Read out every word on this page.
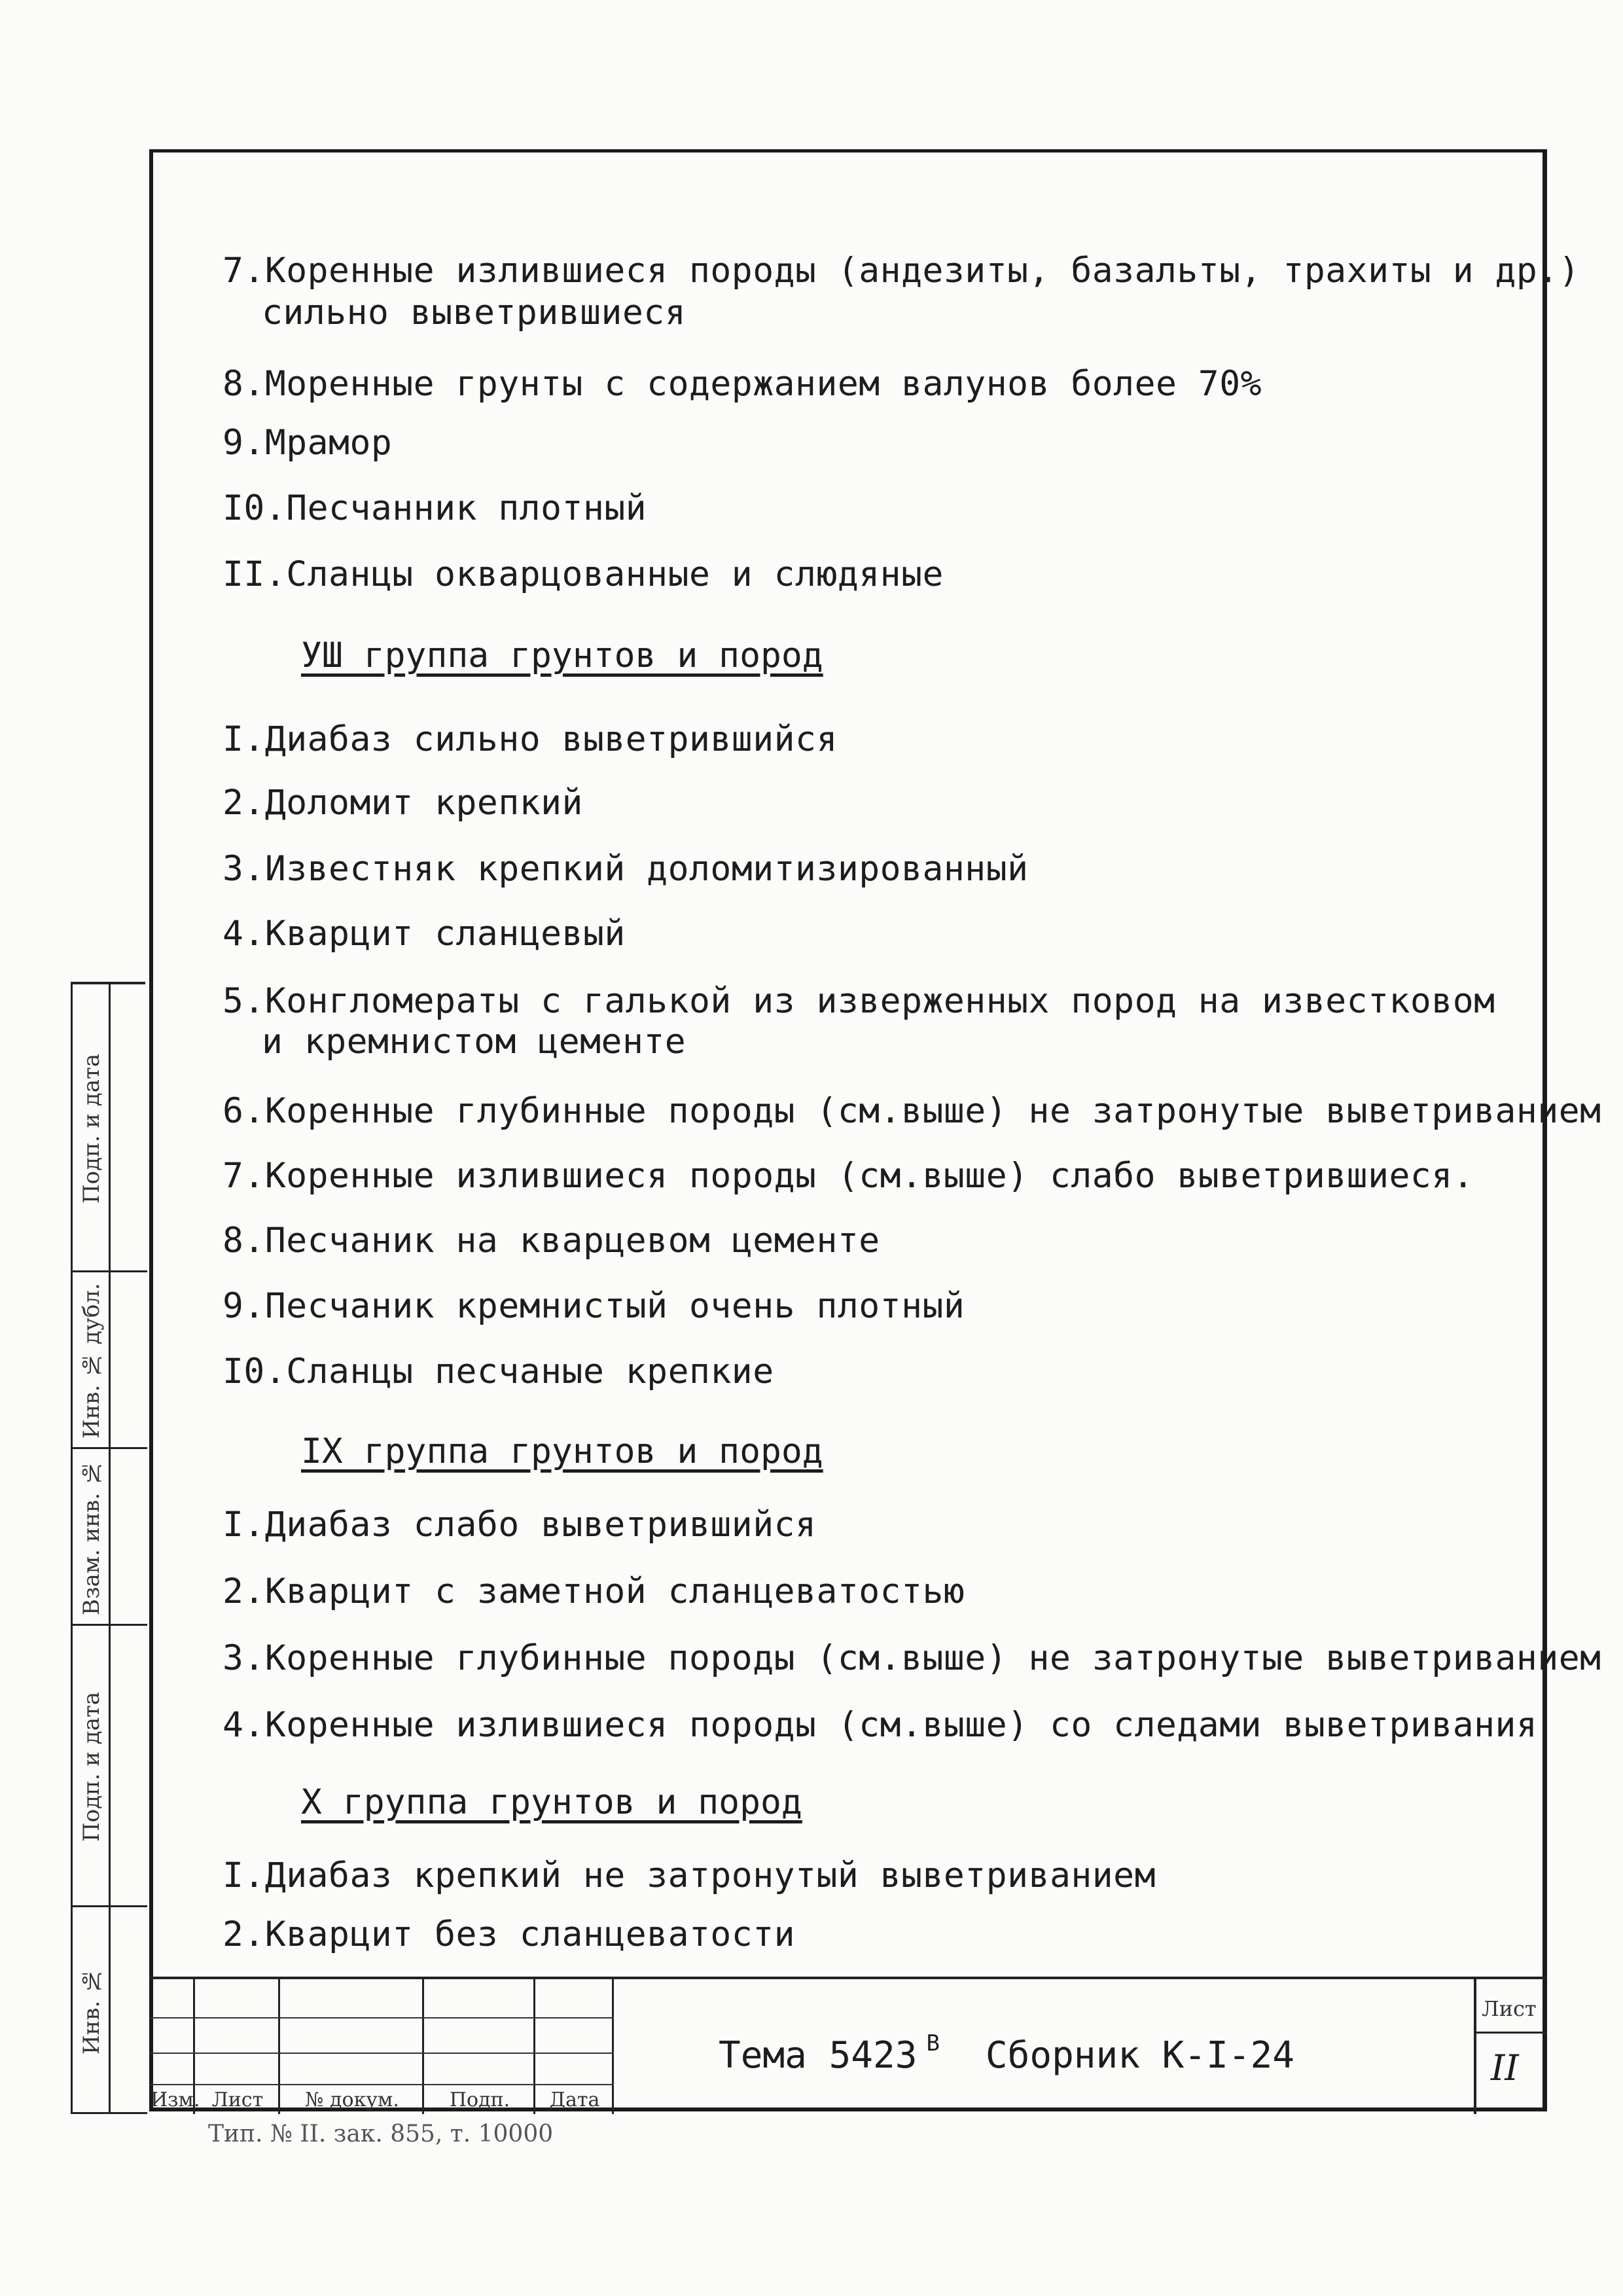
7.Коренные излившиеся породы (андезиты, базальты, трахиты и др.)
сильно выветрившиеся
8.Моренные грунты с содержанием валунов более 70%
9.Мрамор
I0.Песчанник плотный
II.Сланцы окварцованные и слюдяные
УШ группа грунтов и пород
I.Диабаз сильно выветрившийся
2.Доломит крепкий
3.Известняк крепкий доломитизированный
4.Кварцит сланцевый
5.Конгломераты с галькой из изверженных пород на известковом
и кремнистом цементе
6.Коренные глубинные породы (см.выше) не затронутые выветриванием
7.Коренные излившиеся породы (см.выше) слабо выветрившиеся.
8.Песчаник на кварцевом цементе
9.Песчаник кремнистый очень плотный
I0.Сланцы песчаные крепкие
IX группа грунтов и пород
I.Диабаз слабо выветрившийся
2.Кварцит с заметной сланцеватостью
3.Коренные глубинные породы (см.выше) не затронутые выветриванием
4.Коренные излившиеся породы (см.выше) со следами выветривания
X группа грунтов и пород
I.Диабаз крепкий не затронутый выветриванием
2.Кварцит без сланцеватости
Подп. и дата
Инв. № дубл.
Взам. инв. №
Подп. и дата
Инв. №
Изм. Лист	№ докум.	Подп.	Дата
Тема 5423 $^В$ Сборник К-I-24
Лист
II
Тип. № II. зак. 855, т. 10000
